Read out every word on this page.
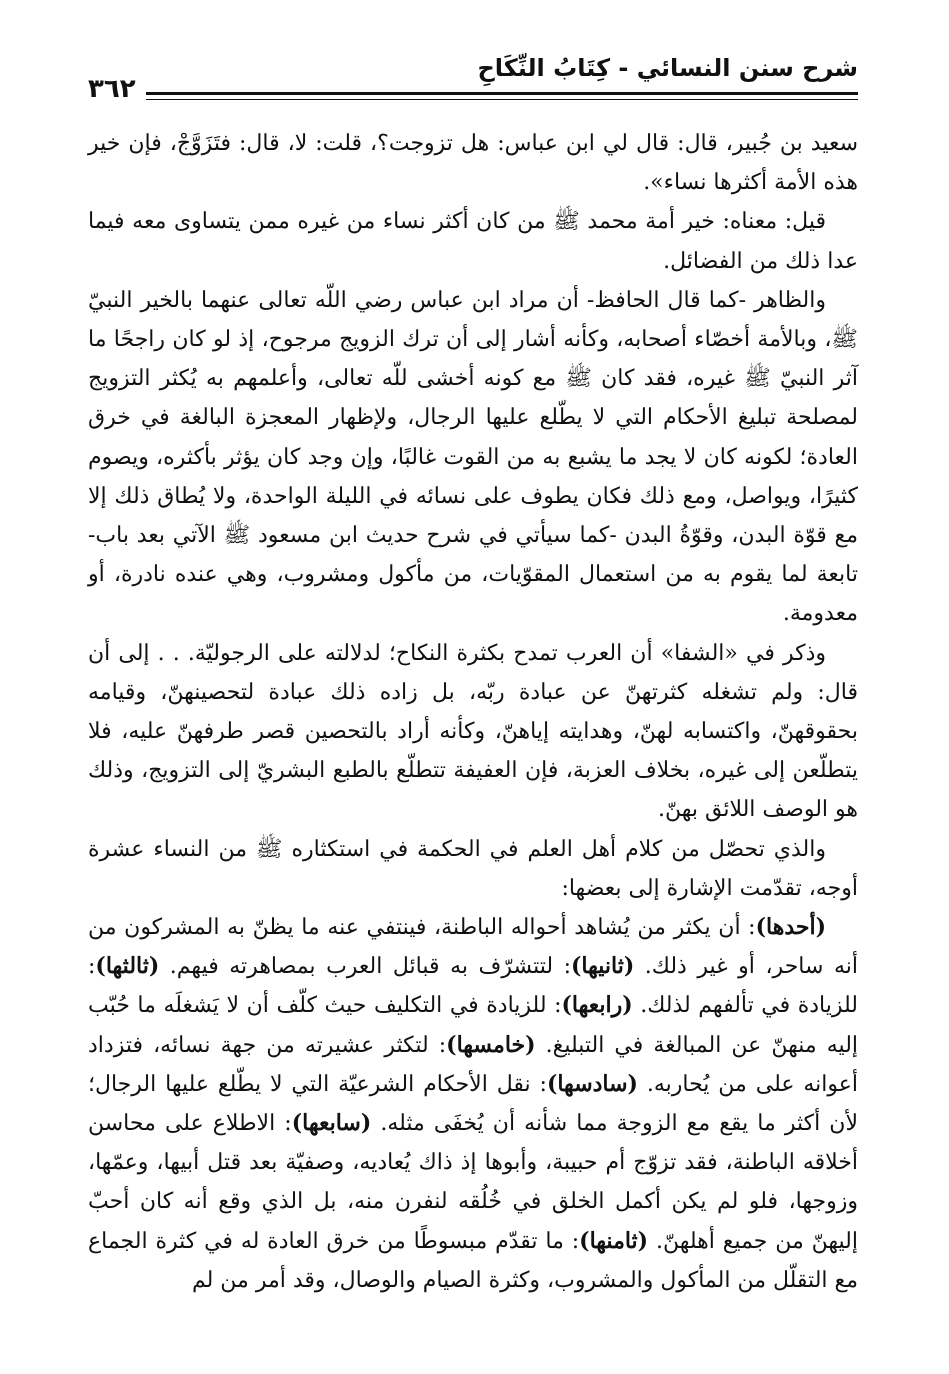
شرح سنن النسائي - كِتَابُ النِّكَاحِ
٣٦٢

سعيد بن جُبير، قال: قال لي ابن عباس: هل تزوجت؟، قلت: لا، قال: فتَزَوَّجْ، فإن خير هذه الأمة أكثرها نساء».

قيل: معناه: خير أمة محمد ﷺ من كان أكثر نساء من غيره ممن يتساوى معه فيما عدا ذلك من الفضائل.

والظاهر -كما قال الحافظ- أن مراد ابن عباس رضي اللّه تعالى عنهما بالخير النبيّ ﷺ، وبالأمة أخصّاء أصحابه، وكأنه أشار إلى أن ترك الزويج مرجوح، إذ لو كان راجحًا ما آثر النبيّ ﷺ غيره، فقد كان ﷺ مع كونه أخشى للّه تعالى، وأعلمهم به يُكثر التزويج لمصلحة تبليغ الأحكام التي لا يطّلع عليها الرجال، ولإظهار المعجزة البالغة في خرق العادة؛ لكونه كان لا يجد ما يشبع به من القوت غالبًا، وإن وجد كان يؤثر بأكثره، ويصوم كثيرًا، ويواصل، ومع ذلك فكان يطوف على نسائه في الليلة الواحدة، ولا يُطاق ذلك إلا مع قوّة البدن، وقوّةُ البدن -كما سيأتي في شرح حديث ابن مسعود ﷺ الآتي بعد باب- تابعة لما يقوم به من استعمال المقوّيات، من مأكول ومشروب، وهي عنده نادرة، أو معدومة.

وذكر في «الشفا» أن العرب تمدح بكثرة النكاح؛ لدلالته على الرجوليّة. . . إلى أن قال: ولم تشغله كثرتهنّ عن عبادة ربّه، بل زاده ذلك عبادة لتحصينهنّ، وقيامه بحقوقهنّ، واكتسابه لهنّ، وهدايته إياهنّ، وكأنه أراد بالتحصين قصر طرفهنّ عليه، فلا يتطلّعن إلى غيره، بخلاف العزبة، فإن العفيفة تتطلّع بالطبع البشريّ إلى التزويج، وذلك هو الوصف اللائق بهنّ.

والذي تحصّل من كلام أهل العلم في الحكمة في استكثاره ﷺ من النساء عشرة أوجه، تقدّمت الإشارة إلى بعضها:

(أحدها): أن يكثر من يُشاهد أحواله الباطنة، فينتفي عنه ما يظنّ به المشركون من أنه ساحر، أو غير ذلك. (ثانيها): لتتشرّف به قبائل العرب بمصاهرته فيهم. (ثالثها): للزيادة في تألفهم لذلك. (رابعها): للزيادة في التكليف حيث كلّف أن لا يَشغلَه ما حُبّب إليه منهنّ عن المبالغة في التبليغ. (خامسها): لتكثر عشيرته من جهة نسائه، فتزداد أعوانه على من يُحاربه. (سادسها): نقل الأحكام الشرعيّة التي لا يطّلع عليها الرجال؛ لأن أكثر ما يقع مع الزوجة مما شأنه أن يُخفَى مثله. (سابعها): الاطلاع على محاسن أخلاقه الباطنة، فقد تزوّج أم حبيبة، وأبوها إذ ذاك يُعاديه، وصفيّة بعد قتل أبيها، وعمّها، وزوجها، فلو لم يكن أكمل الخلق في خُلُقه لنفرن منه، بل الذي وقع أنه كان أحبّ إليهنّ من جميع أهلهنّ. (ثامنها): ما تقدّم مبسوطًا من خرق العادة له في كثرة الجماع مع التقلّل من المأكول والمشروب، وكثرة الصيام والوصال، وقد أمر من لم
